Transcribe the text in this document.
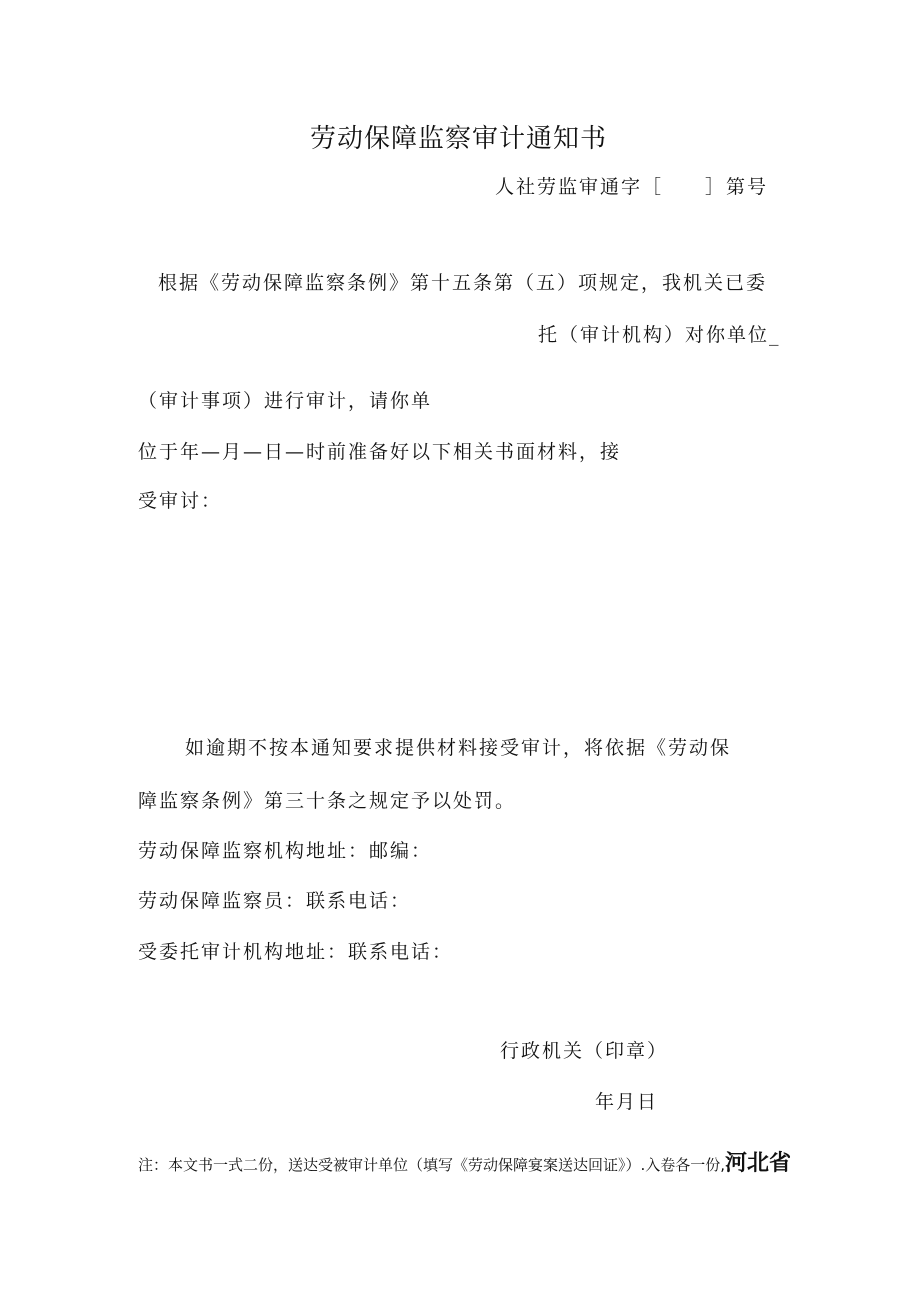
劳动保障监察审计通知书
人社劳监审通字［　　］第号
根据《劳动保障监察条例》第十五条第（五）项规定，我机关已委
托（审计机构）对你单位_
（审计事项）进行审计，请你单
位于年—月—日—时前准备好以下相关书面材料，接
受审讨：
如逾期不按本通知要求提供材料接受审计，将依据《劳动保
障监察条例》第三十条之规定予以处罚。
劳动保障监察机构地址：邮编：
劳动保障监察员：联系电话：
受委托审计机构地址：联系电话：
行政机关（印章）
年月日
注：本文书一式二份，送达受被审计单位（填写《劳动保障宴案送达回证》）.入卷各一份,河北省
